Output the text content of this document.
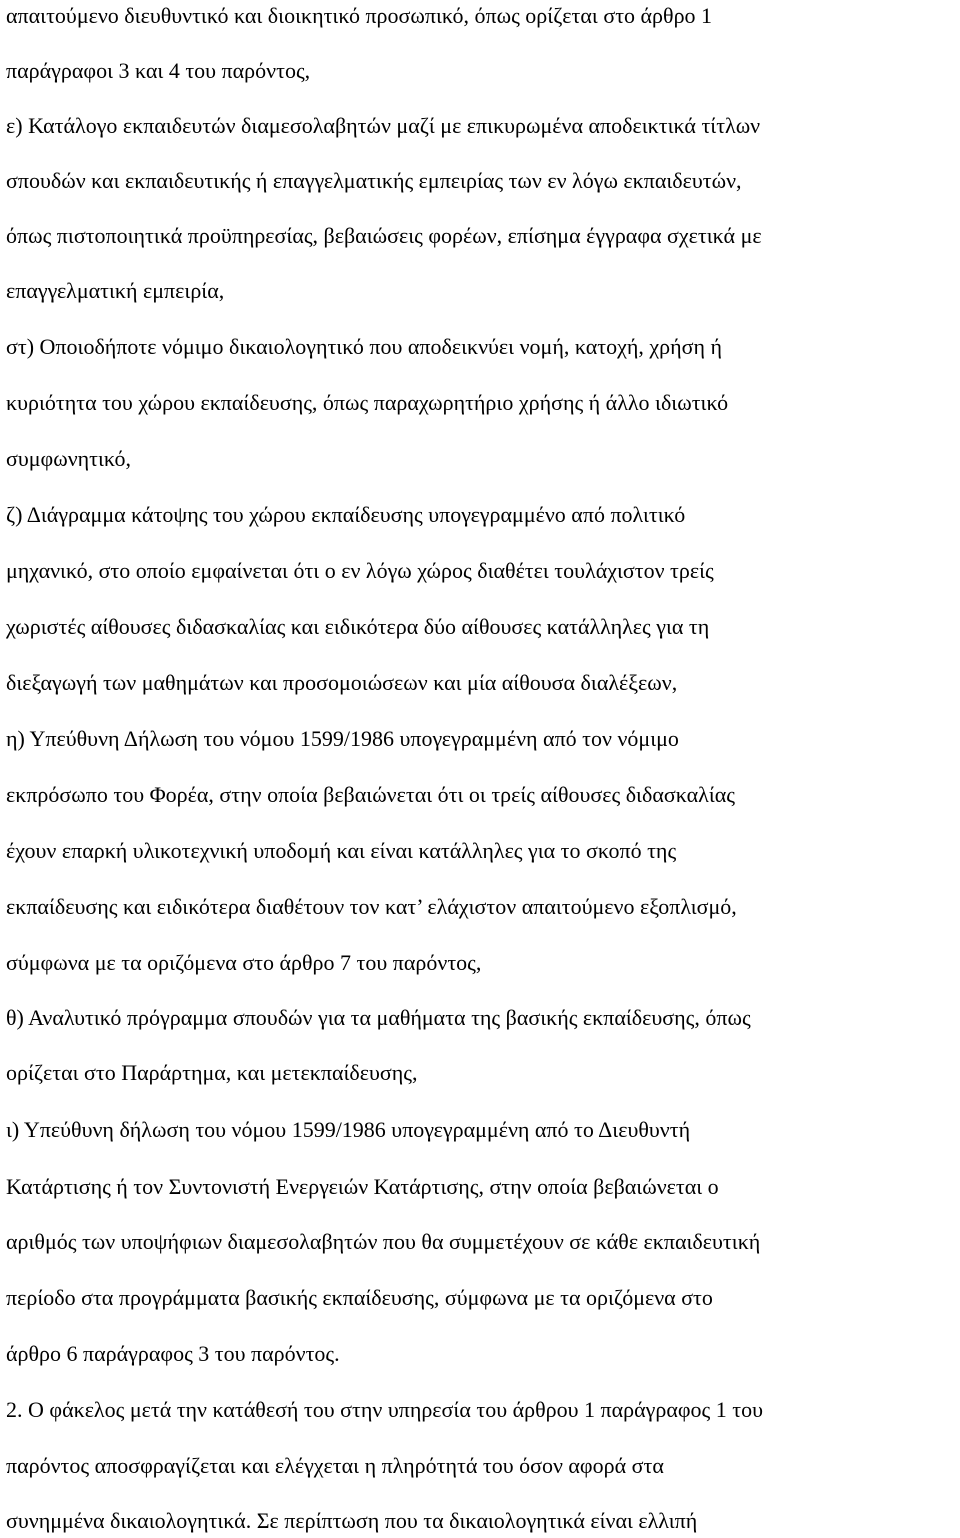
απαιτούμενο διευθυντικό και διοικητικό προσωπικό, όπως ορίζεται στο άρθρο 1

παράγραφοι 3 και 4 του παρόντος,

ε) Κατάλογο εκπαιδευτών διαμεσολαβητών μαζί με επικυρωμένα αποδεικτικά τίτλων

σπουδών και εκπαιδευτικής ή επαγγελματικής εμπειρίας των εν λόγω εκπαιδευτών,

όπως πιστοποιητικά προϋπηρεσίας, βεβαιώσεις φορέων, επίσημα έγγραφα σχετικά με

επαγγελματική εμπειρία,

στ) Οποιοδήποτε νόμιμο δικαιολογητικό που αποδεικνύει νομή, κατοχή, χρήση ή

κυριότητα του χώρου εκπαίδευσης, όπως παραχωρητήριο χρήσης ή άλλο ιδιωτικό

συμφωνητικό,

ζ) Διάγραμμα κάτοψης του χώρου εκπαίδευσης υπογεγραμμένο από πολιτικό

μηχανικό, στο οποίο εμφαίνεται ότι ο εν λόγω χώρος διαθέτει τουλάχιστον τρείς

χωριστές αίθουσες διδασκαλίας και ειδικότερα δύο αίθουσες κατάλληλες για τη

διεξαγωγή των μαθημάτων και προσομοιώσεων και μία αίθουσα διαλέξεων,

η) Υπεύθυνη Δήλωση του νόμου 1599/1986 υπογεγραμμένη από τον νόμιμο

εκπρόσωπο του Φορέα, στην οποία βεβαιώνεται ότι οι τρείς αίθουσες διδασκαλίας

έχουν επαρκή υλικοτεχνική υποδομή και είναι κατάλληλες για το σκοπό της

εκπαίδευσης και ειδικότερα διαθέτουν τον κατ’ ελάχιστον απαιτούμενο εξοπλισμό,

σύμφωνα με τα οριζόμενα στο άρθρο 7 του παρόντος,

θ) Αναλυτικό πρόγραμμα σπουδών για τα μαθήματα της βασικής εκπαίδευσης, όπως

ορίζεται στο Παράρτημα, και μετεκπαίδευσης,

ι) Υπεύθυνη δήλωση του νόμου 1599/1986 υπογεγραμμένη από το Διευθυντή

Κατάρτισης ή τον Συντονιστή Ενεργειών Κατάρτισης, στην οποία βεβαιώνεται ο

αριθμός των υποψήφιων διαμεσολαβητών που θα συμμετέχουν σε κάθε εκπαιδευτική

περίοδο στα προγράμματα βασικής εκπαίδευσης, σύμφωνα με τα οριζόμενα στο

άρθρο 6 παράγραφος 3 του παρόντος.

2. Ο φάκελος μετά την κατάθεσή του στην υπηρεσία του άρθρου 1 παράγραφος 1 του

παρόντος αποσφραγίζεται και ελέγχεται η πληρότητά του όσον αφορά στα

συνημμένα δικαιολογητικά. Σε περίπτωση που τα δικαιολογητικά είναι ελλιπή
